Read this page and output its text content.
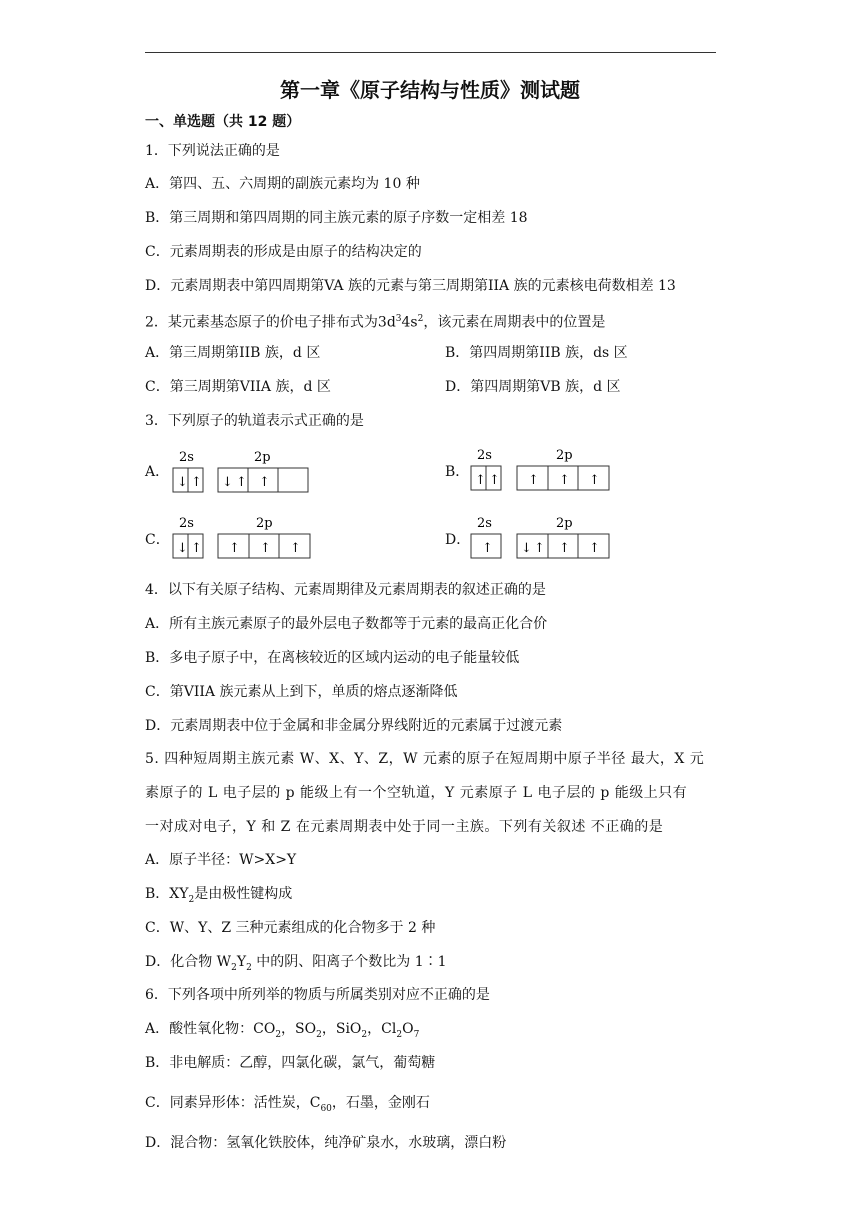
第一章《原子结构与性质》测试题
一、单选题（共 12 题）
1．下列说法正确的是
A．第四、五、六周期的副族元素均为 10 种
B．第三周期和第四周期的同主族元素的原子序数一定相差 18
C．元素周期表的形成是由原子的结构决定的
D．元素周期表中第四周期第VA 族的元素与第三周期第IIA 族的元素核电荷数相差 13
2．某元素基态原子的价电子排布式为$3d^34s^2$，该元素在周期表中的位置是
A．第三周期第IIB 族，d 区	B．第四周期第IIB 族，ds 区
C．第三周期第VIIA 族，d 区	D．第四周期第VB 族，d 区
3．下列原子的轨道表示式正确的是
A．
2s	2p
↓ ↑ ↓ ↑ ↑
B．
2s	2p
↑ ↑ ↑ ↑ ↑
C．
2s	2p
↓ ↑ ↑ ↑ ↑
D．
2s	2p
↑ ↓ ↑ ↑ ↑
4．以下有关原子结构、元素周期律及元素周期表的叙述正确的是
A．所有主族元素原子的最外层电子数都等于元素的最高正化合价
B．多电子原子中，在离核较近的区域内运动的电子能量较低
C．第VIIA 族元素从上到下，单质的熔点逐渐降低
D．元素周期表中位于金属和非金属分界线附近的元素属于过渡元素
5. 四种短周期主族元素 W、X、Y、Z，W 元素的原子在短周期中原子半径 最大，X 元
素原子的 L 电子层的 p 能级上有一个空轨道，Y 元素原子 L 电子层的 p 能级上只有
一对成对电子，Y 和 Z 在元素周期表中处于同一主族。下列有关叙述 不正确的是
A．原子半径：W>X>Y
B．$XY_2$是由极性键构成
C．W、Y、Z 三种元素组成的化合物多于 2 种
D．化合物 $W_2Y_2$ 中的阴、阳离子个数比为 1∶1
6．下列各项中所列举的物质与所属类别对应不正确的是
A．酸性氧化物：$CO_2$，$SO_2$，SiO$_2$，$Cl_2O_7$
B．非电解质：乙醇，四氯化碳，氯气，葡萄糖
C．同素异形体：活性炭，$C_{60}$，石墨，金刚石
D．混合物：氢氧化铁胶体，纯净矿泉水，水玻璃，漂白粉
